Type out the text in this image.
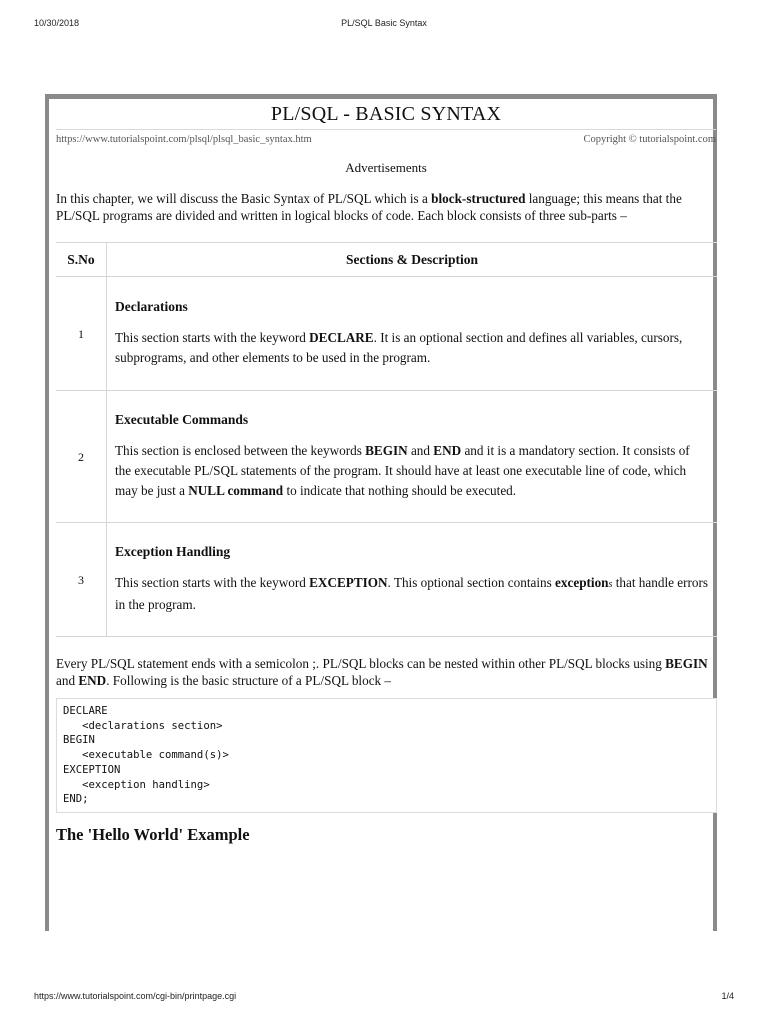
10/30/2018	PL/SQL Basic Syntax
PL/SQL - BASIC SYNTAX
https://www.tutorialspoint.com/plsql/plsql_basic_syntax.htm	Copyright © tutorialspoint.com
Advertisements

In this chapter, we will discuss the Basic Syntax of PL/SQL which is a block-structured language; this means that the PL/SQL programs are divided and written in logical blocks of code. Each block consists of three sub-parts –

S.No	Sections & Description
1	Declarations

This section starts with the keyword DECLARE. It is an optional section and defines all variables, cursors, subprograms, and other elements to be used in the program.

2	Executable Commands

This section is enclosed between the keywords BEGIN and END and it is a mandatory section. It consists of the executable PL/SQL statements of the program. It should have at least one executable line of code, which may be just a NULL command to indicate that nothing should be executed.

3	Exception Handling

This section starts with the keyword EXCEPTION. This optional section contains exceptions that handle errors in the program.

Every PL/SQL statement ends with a semicolon ;. PL/SQL blocks can be nested within other PL/SQL blocks using BEGIN and END. Following is the basic structure of a PL/SQL block –

DECLARE
<declarations section>
BEGIN
<executable command(s)>
EXCEPTION
<exception handling>
END;
The 'Hello World' Example
https://www.tutorialspoint.com/cgi-bin/printpage.cgi	1/4
